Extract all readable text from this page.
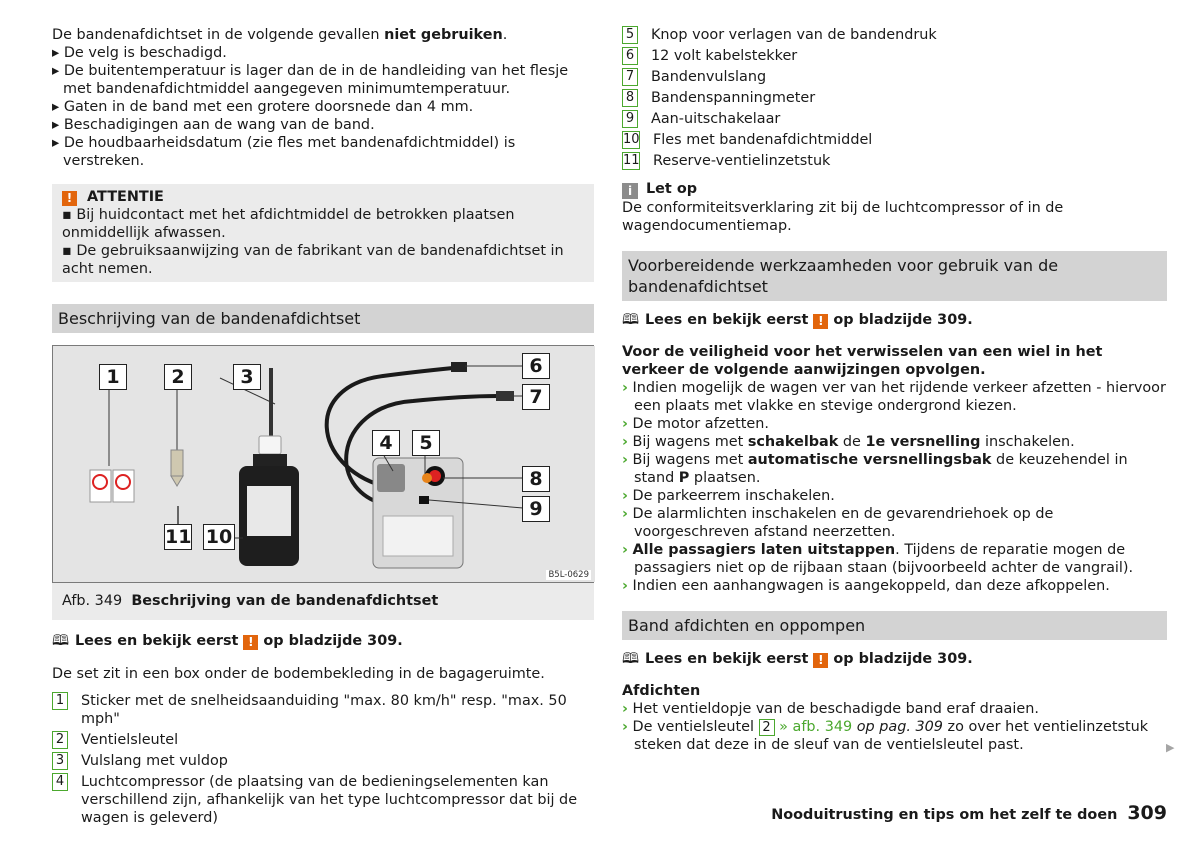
De bandenafdichtset in de volgende gevallen niet gebruiken.

▸ De velg is beschadigd.

▸ De buitentemperatuur is lager dan de in de handleiding van het flesje met bandenafdichtmiddel aangegeven minimumtemperatuur.

▸ Gaten in de band met een grotere doorsnede dan 4 mm.

▸ Beschadigingen aan de wang van de band.

▸ De houdbaarheidsdatum (zie fles met bandenafdichtmiddel) is verstreken.

! ATTENTIE

▪ Bij huidcontact met het afdichtmiddel de betrokken plaatsen onmiddellijk afwassen.

▪ De gebruiksaanwijzing van de fabrikant van de bandenafdichtset in acht nemen.

Beschrijving van de bandenafdichtset
1	2	3
4	5
6
7
8
9
10
11
B5L-0629
Afb. 349 Beschrijving van de bandenafdichtset

🕮 Lees en bekijk eerst ! op bladzijde 309.

De set zit in een box onder de bodembekleding in de bagageruimte.

1 Sticker met de snelheidsaanduiding "max. 80 km/h" resp. "max. 50 mph"
2 Ventielsleutel
3 Vulslang met vuldop
4 Luchtcompressor (de plaatsing van de bedieningselementen kan verschillend zijn, afhankelijk van het type luchtcompressor dat bij de wagen is geleverd)
5 Knop voor verlagen van de bandendruk
6 12 volt kabelstekker
7 Bandenvulslang
8 Bandenspanningmeter
9 Aan-uitschakelaar
10 Fles met bandenafdichtmiddel
11 Reserve-ventielinzetstuk

i Let op

De conformiteitsverklaring zit bij de luchtcompressor of in de wagendocumentiemap.

Voorbereidende werkzaamheden voor gebruik van de bandenafdichtset

🕮 Lees en bekijk eerst ! op bladzijde 309.

Voor de veiligheid voor het verwisselen van een wiel in het verkeer de volgende aanwijzingen opvolgen.

› Indien mogelijk de wagen ver van het rijdende verkeer afzetten - hiervoor een plaats met vlakke en stevige ondergrond kiezen.

› De motor afzetten.

› Bij wagens met schakelbak de 1e versnelling inschakelen.

› Bij wagens met automatische versnellingsbak de keuzehendel in stand P plaatsen.

› De parkeerrem inschakelen.

› De alarmlichten inschakelen en de gevarendriehoek op de voorgeschreven afstand neerzetten.

› Alle passagiers laten uitstappen. Tijdens de reparatie mogen de passagiers niet op de rijbaan staan (bijvoorbeeld achter de vangrail).

› Indien een aanhangwagen is aangekoppeld, dan deze afkoppelen.

Band afdichten en oppompen

🕮 Lees en bekijk eerst ! op bladzijde 309.

Afdichten

› Het ventieldopje van de beschadigde band eraf draaien.

› De ventielsleutel 2 » afb. 349 op pag. 309 zo over het ventielinzetstuk steken dat deze in de sleuf van de ventielsleutel past.	▶
Nooduitrusting en tips om het zelf te doen 309
